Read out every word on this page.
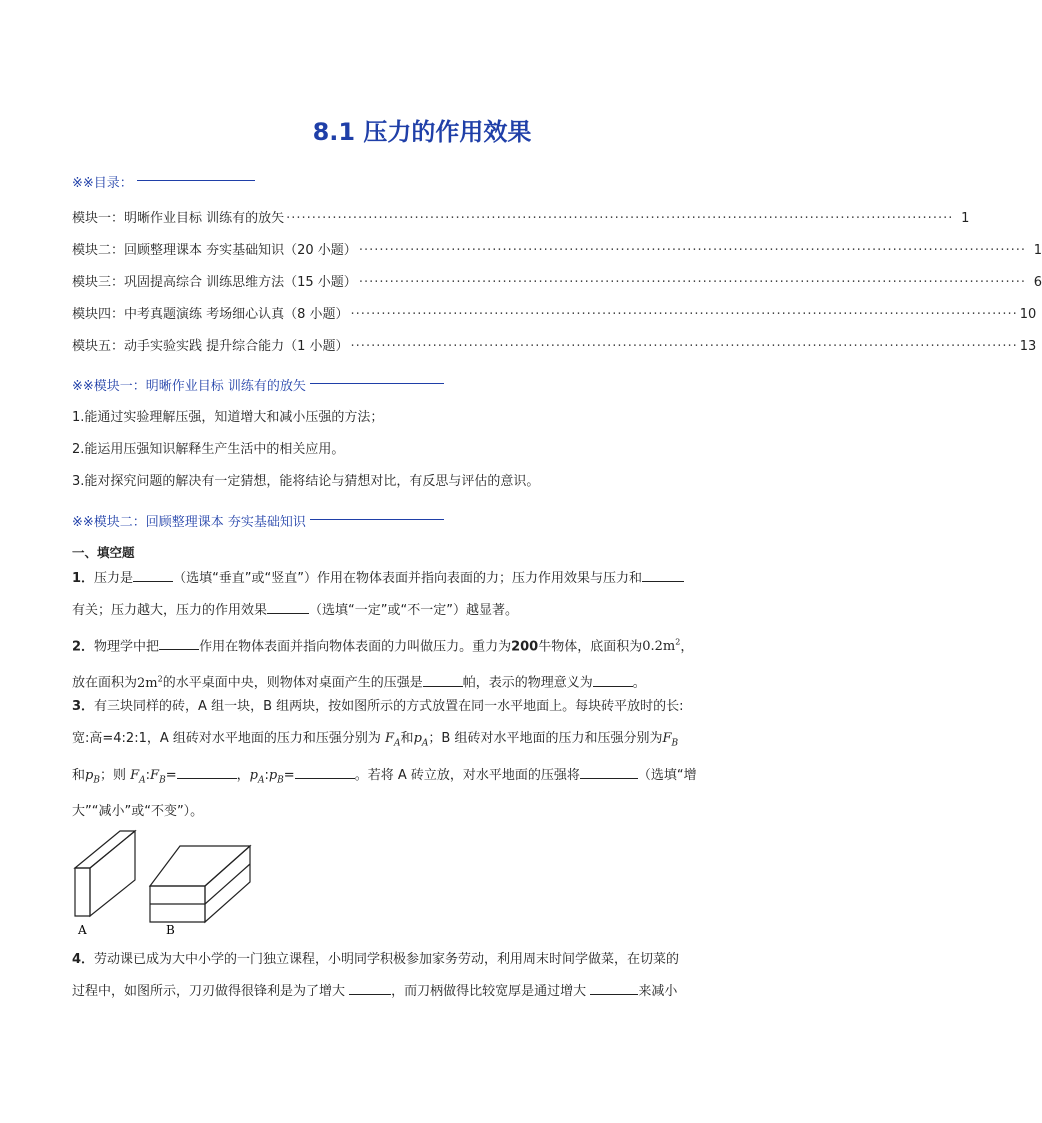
8.1 压力的作用效果
※※目录：
模块一：明晰作业目标 训练有的放矢 ·································································································································· 1
模块二：回顾整理课本 夯实基础知识（20 小题） ·································································································································· 1
模块三：巩固提高综合 训练思维方法（15 小题） ·································································································································· 6
模块四：中考真题演练 考场细心认真（8 小题） ·································································································································· 10
模块五：动手实验实践 提升综合能力（1 小题） ·································································································································· 13
※※模块一：明晰作业目标 训练有的放矢
1.能通过实验理解压强，知道增大和减小压强的方法；
2.能运用压强知识解释生产生活中的相关应用。
3.能对探究问题的解决有一定猜想，能将结论与猜想对比，有反思与评估的意识。
※※模块二：回顾整理课本 夯实基础知识
一、填空题
1．压力是	（选填“垂直”或“竖直”）作用在物体表面并指向表面的力；压力作用效果与压力和
有关；压力越大，压力的作用效果	（选填“一定”或“不一定”）越显著。
2．物理学中把	作用在物体表面并指向物体表面的力叫做压力。重力为200牛物体，底面积为$0.2m^2$，
放在面积为$2m^2$的水平桌面中央，则物体对桌面产生的压强是	帕，表示的物理意义为	。
3．有三块同样的砖，A 组一块，B 组两块，按如图所示的方式放置在同一水平地面上。每块砖平放时的长:
宽:高=4:2:1，A 组砖对水平地面的压力和压强分别为 $F_A$和$p_A$；B 组砖对水平地面的压力和压强分别为$F_B$
和$p_B$；则 $F_A:F_B=$	，$p_A:p_B=$	。若将 A 砖立放，对水平地面的压强将	（选填“增
大”“减小”或“不变”）。
A	B
4．劳动课已成为大中小学的一门独立课程，小明同学积极参加家务劳动，利用周末时间学做菜，在切菜的
过程中，如图所示，刀刃做得很锋利是为了增大	，而刀柄做得比较宽厚是通过增大	来减小
